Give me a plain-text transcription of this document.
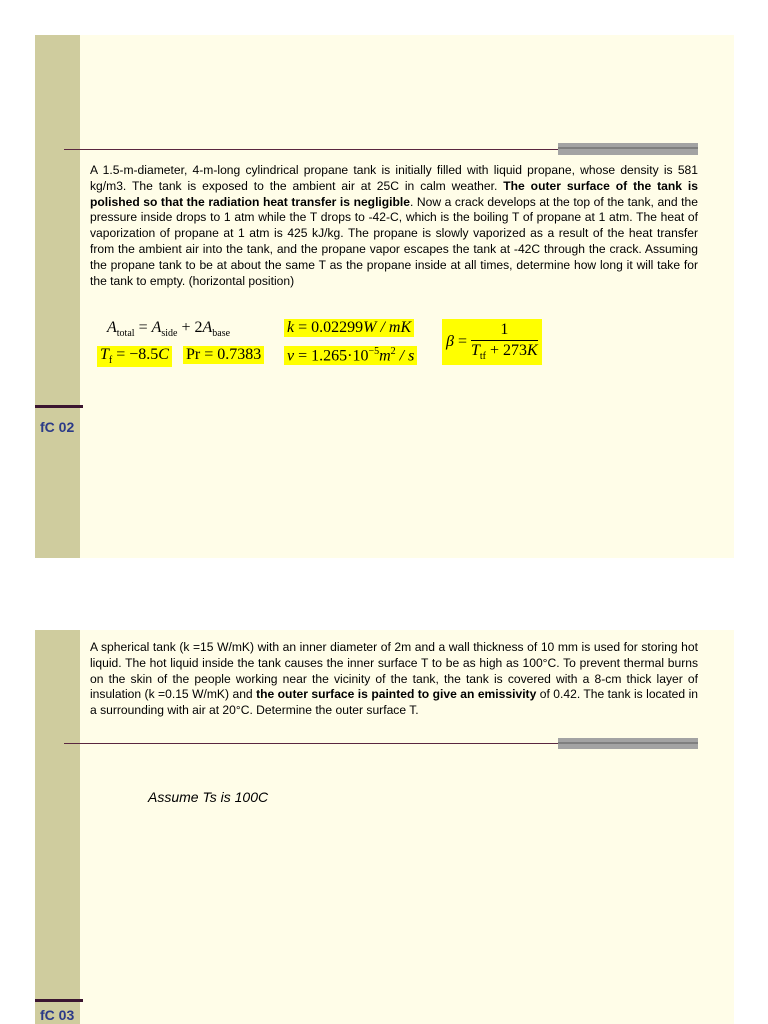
A 1.5-m-diameter, 4-m-long cylindrical propane tank is initially filled with liquid propane, whose density is 581 kg/m3. The tank is exposed to the ambient air at 25C in calm weather. The outer surface of the tank is polished so that the radiation heat transfer is negligible. Now a crack develops at the top of the tank, and the pressure inside drops to 1 atm while the T drops to -42-C, which is the boiling T of propane at 1 atm. The heat of vaporization of propane at 1 atm is 425 kJ/kg. The propane is slowly vaporized as a result of the heat transfer from the ambient air into the tank, and the propane vapor escapes the tank at -42C through the crack. Assuming the propane tank to be at about the same T as the propane inside at all times, determine how long it will take for the tank to empty. (horizontal position)
$A_{total} = A_{side} + 2A_{base}$	k = 0.02299W / mK
$\beta = \frac{1}{T_{tf} + 273K}$
$T_f = -8.5C$ Pr = 0.7383 $\nu = 1.265\cdot 10^{-5}m^2 / s$
fC 02
A spherical tank (k =15 W/mK) with an inner diameter of 2m and a wall thickness of 10 mm is used for storing hot liquid. The hot liquid inside the tank causes the inner surface T to be as high as 100°C. To prevent thermal burns on the skin of the people working near the vicinity of the tank, the tank is covered with a 8-cm thick layer of insulation (k =0.15 W/mK) and the outer surface is painted to give an emissivity of 0.42. The tank is located in a surrounding with air at 20°C. Determine the outer surface T.
Assume Ts is 100C
fC 03
